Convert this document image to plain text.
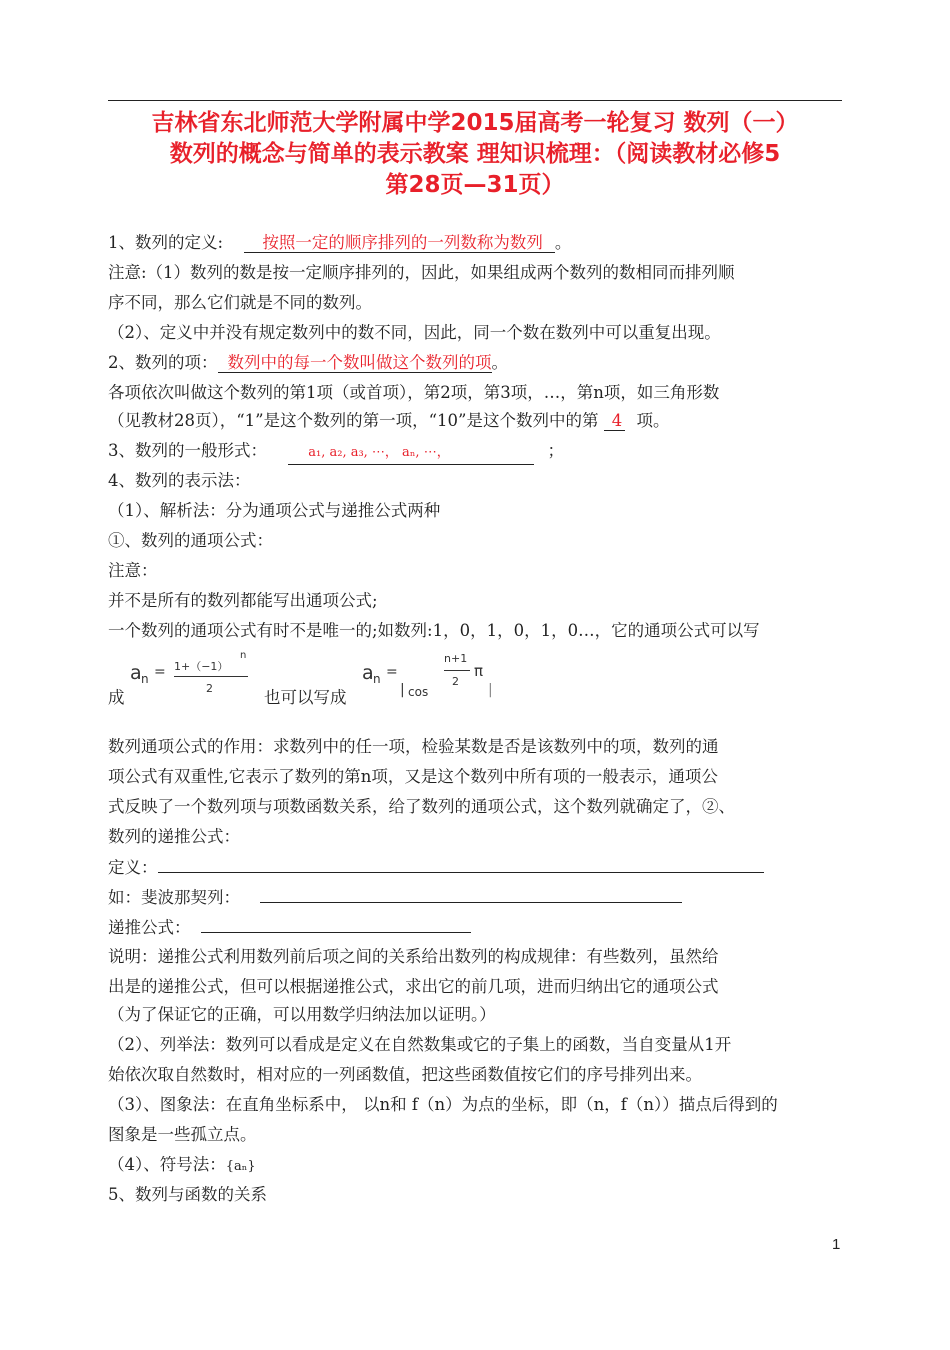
吉林省东北师范大学附属中学2015届高考一轮复习 数列（一）
数列的概念与简单的表示教案 理知识梳理：（阅读教材必修5
第28页—31页）
1、数列的定义: 按照一定的顺序排列的一列数称为数列 。
注意:（1）数列的数是按一定顺序排列的，因此，如果组成两个数列的数相同而排列顺
序不同，那么它们就是不同的数列。
（2）、定义中并没有规定数列中的数不同，因此，同一个数在数列中可以重复出现。
2、数列的项： 数列中的每一个数叫做这个数列的项。
各项依次叫做这个数列的第1项（或首项），第2项，第3项，…，第n项，如三角形数
（见教材28页），“1”是这个数列的第一项，“10”是这个数列中的第 4 项。
3、数列的一般形式：	a₁, a₂, a₃, ⋯， aₙ, ⋯，	；
4、数列的表示法：
（1）、解析法：分为通项公式与递推公式两种
①、数列的通项公式：
注意：
并不是所有的数列都能写出通项公式;
一个数列的通项公式有时不是唯一的;如数列:1，0，1，0，1，0…，它的通项公式可以写
成
a n = 1+（−1）
n
2	也可以写成
a n =
| cos
n+1
2
π
|
数列通项公式的作用：求数列中的任一项，检验某数是否是该数列中的项，数列的通
项公式有双重性,它表示了数列的第n项，又是这个数列中所有项的一般表示，通项公
式反映了一个数列项与项数函数关系，给了数列的通项公式，这个数列就确定了，②、
数列的递推公式：
定义：
如：斐波那契列：
递推公式：
说明：递推公式利用数列前后项之间的关系给出数列的构成规律：有些数列，虽然给
出是的递推公式，但可以根据递推公式，求出它的前几项，进而归纳出它的通项公式
（为了保证它的正确，可以用数学归纳法加以证明。）
（2）、列举法：数列可以看成是定义在自然数集或它的子集上的函数，当自变量从1开
始依次取自然数时，相对应的一列函数值，把这些函数值按它们的序号排列出来。
（3）、图象法：在直角坐标系中， 以n和 f（n）为点的坐标，即（n，f（n））描点后得到的
图象是一些孤立点。
（4）、符号法：{aₙ}
5、数列与函数的关系
1
